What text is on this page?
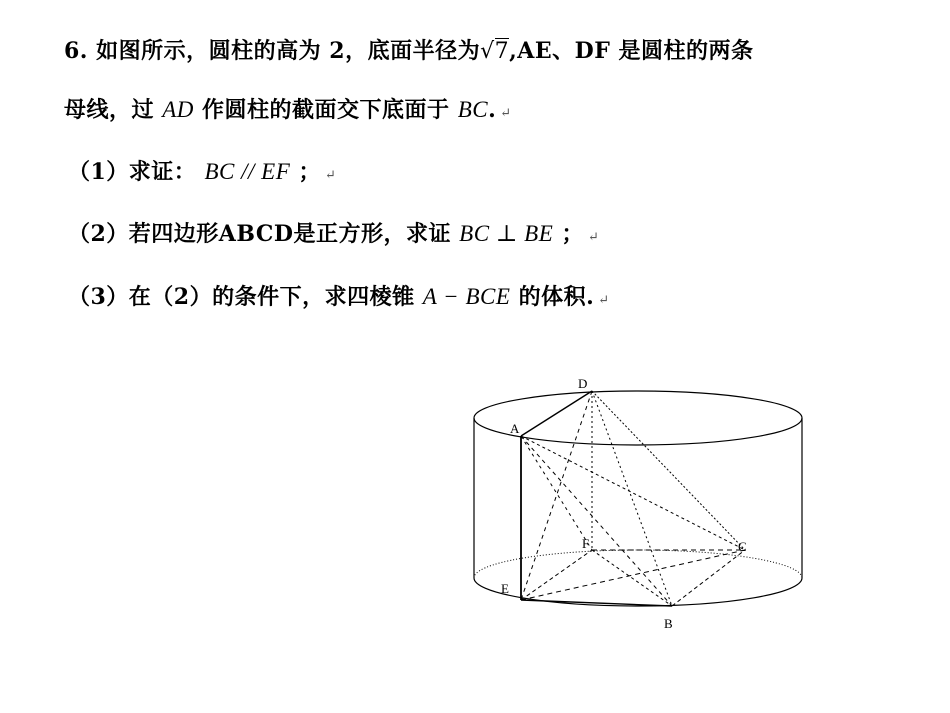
6. 如图所示，圆柱的高为 2，底面半径为√7,AE、DF 是圆柱的两条
母线，过 AD 作圆柱的截面交下底面于 BC. ↵
（1）求证： BC // EF ； ↵
（2）若四边形ABCD是正方形，求证 BC ⊥ BE ； ↵
（3）在（2）的条件下，求四棱锥 A − BCE 的体积. ↵
D
A
F	C
E
B
